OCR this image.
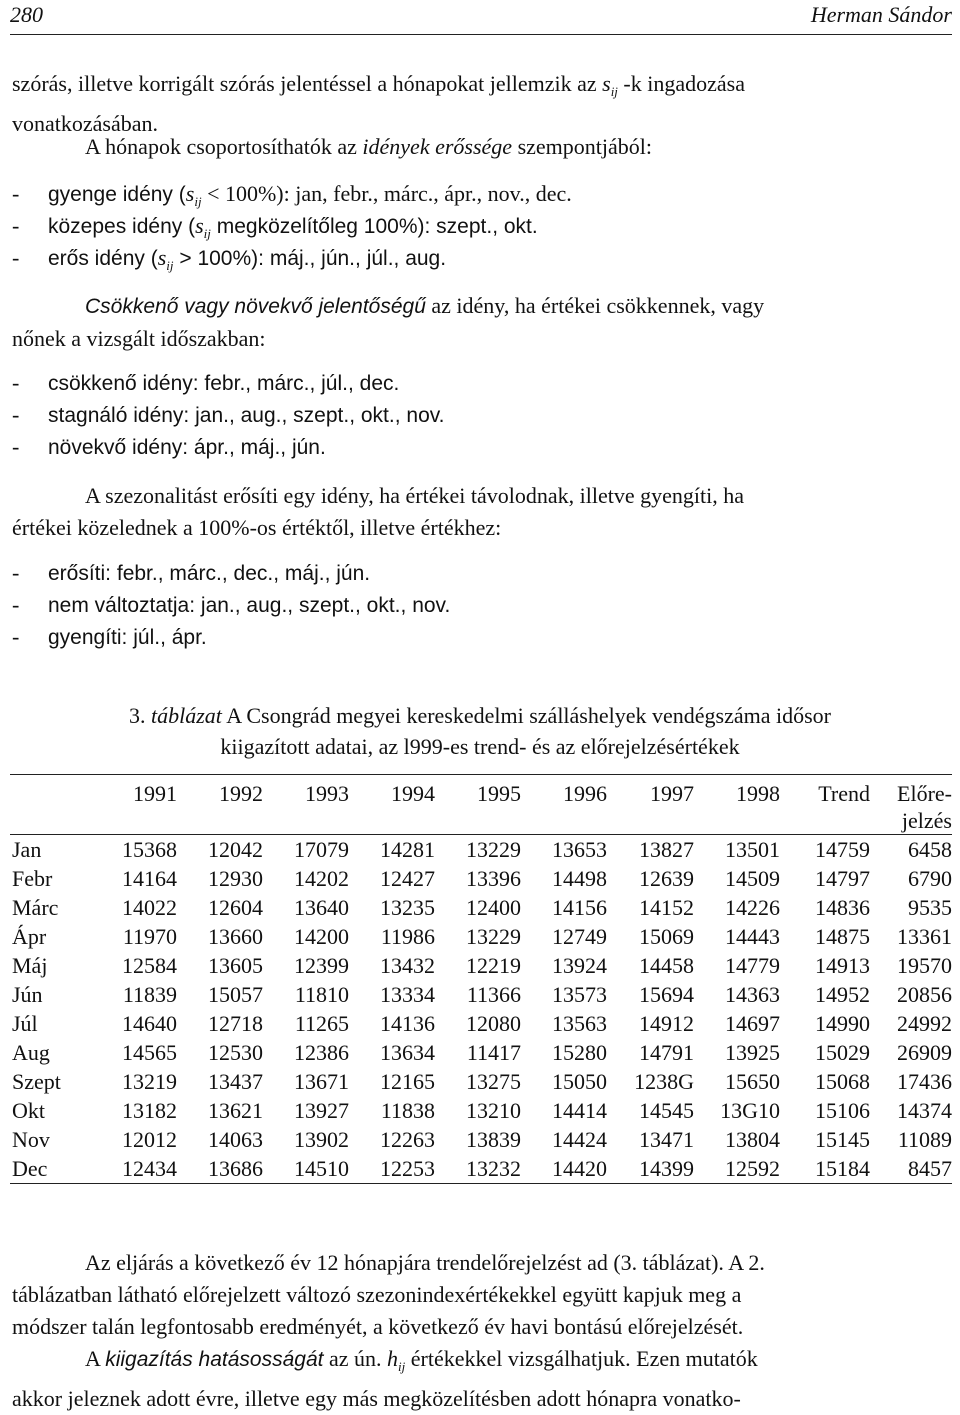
280	Herman Sándor
szórás, illetve korrigált szórás jelentéssel a hónapokat jellemzik az $s_{ij}$ -k ingadozása
vonatkozásában.
A hónapok csoportosíthatók az idények erőssége szempontjából:
- gyenge idény $(s_{ij} < 100\%)$: jan, febr., márc., ápr., nov., dec.
- közepes idény ($s_{ij}$ megközelítőleg 100%): szept., okt.
- erős idény $(s_{ij} > 100\%)$: máj., jún., júl., aug.
Csökkenő vagy növekvő jelentőségű az idény, ha értékei csökkennek, vagy
nőnek a vizsgált időszakban:
- csökkenő idény: febr., márc., júl., dec.
- stagnáló idény: jan., aug., szept., okt., nov.
- növekvő idény: ápr., máj., jún.
A szezonalitást erősíti egy idény, ha értékei távolodnak, illetve gyengíti, ha
értékei közelednek a 100%-os értéktől, illetve értékhez:
- erősíti: febr., márc., dec., máj., jún.
- nem változtatja: jan., aug., szept., okt., nov.
- gyengíti: júl., ápr.
3. táblázat A Csongrád megyei kereskedelmi szálláshelyek vendégszáma idősor
kiigazított adatai, az l999-es trend- és az előrejelzésértékek
	1991	1992	1993	1994	1995	1996	1997	1998	Trend	Előre-
										jelzés
Jan	15368	12042	17079	14281	13229	13653	13827	13501	14759	6458
Febr	14164	12930	14202	12427	13396	14498	12639	14509	14797	6790
Márc	14022	12604	13640	13235	12400	14156	14152	14226	14836	9535
Ápr	11970	13660	14200	11986	13229	12749	15069	14443	14875	13361
Máj	12584	13605	12399	13432	12219	13924	14458	14779	14913	19570
Jún	11839	15057	11810	13334	11366	13573	15694	14363	14952	20856
Júl	14640	12718	11265	14136	12080	13563	14912	14697	14990	24992
Aug	14565	12530	12386	13634	11417	15280	14791	13925	15029	26909
Szept	13219	13437	13671	12165	13275	15050	1238G	15650	15068	17436
Okt	13182	13621	13927	11838	13210	14414	14545	13G10	15106	14374
Nov	12012	14063	13902	12263	13839	14424	13471	13804	15145	11089
Dec	12434	13686	14510	12253	13232	14420	14399	12592	15184	8457
Az eljárás a következő év 12 hónapjára trendelőrejelzést ad (3. táblázat). A 2.
táblázatban látható előrejelzett változó szezonindexértékekkel együtt kapjuk meg a
módszer talán legfontosabb eredményét, a következő év havi bontású előrejelzését.
A kiigazítás hatásosságát az ún. $h_{ij}$ értékekkel vizsgálhatjuk. Ezen mutatók
akkor jeleznek adott évre, illetve egy más megközelítésben adott hónapra vonatko-
